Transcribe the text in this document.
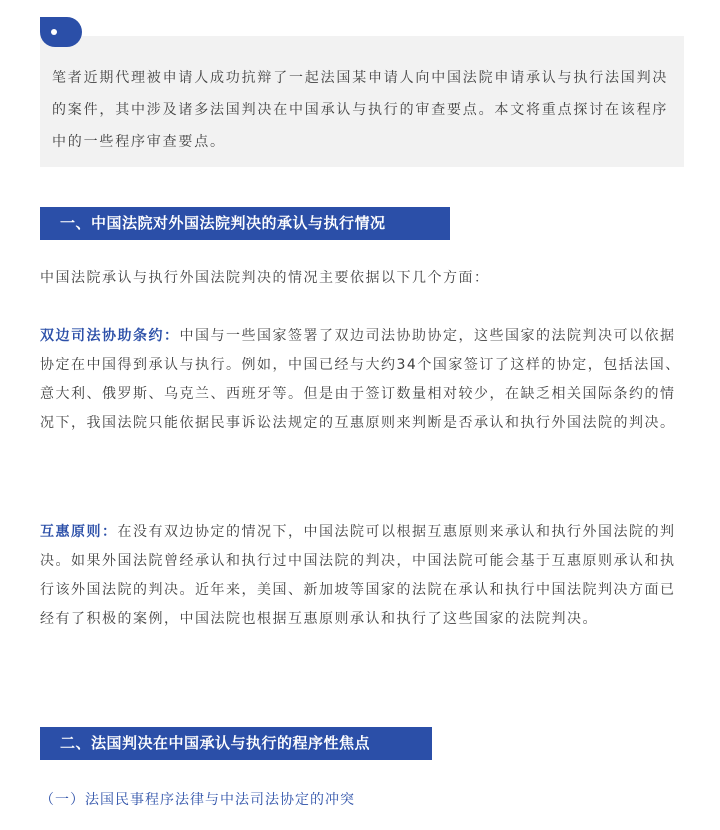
笔者近期代理被申请人成功抗辩了一起法国某申请人向中国法院申请承认与执行法国判决的案件，其中涉及诸多法国判决在中国承认与执行的审查要点。本文将重点探讨在该程序中的一些程序审查要点。
一、中国法院对外国法院判决的承认与执行情况
中国法院承认与执行外国法院判决的情况主要依据以下几个方面：
双边司法协助条约：中国与一些国家签署了双边司法协助协定，这些国家的法院判决可以依据协定在中国得到承认与执行。例如，中国已经与大约34个国家签订了这样的协定，包括法国、意大利、俄罗斯、乌克兰、西班牙等。但是由于签订数量相对较少，在缺乏相关国际条约的情况下，我国法院只能依据民事诉讼法规定的互惠原则来判断是否承认和执行外国法院的判决。
互惠原则：在没有双边协定的情况下，中国法院可以根据互惠原则来承认和执行外国法院的判决。如果外国法院曾经承认和执行过中国法院的判决，中国法院可能会基于互惠原则承认和执行该外国法院的判决。近年来，美国、新加坡等国家的法院在承认和执行中国法院判决方面已经有了积极的案例，中国法院也根据互惠原则承认和执行了这些国家的法院判决。
二、法国判决在中国承认与执行的程序性焦点
（一）法国民事程序法律与中法司法协定的冲突
